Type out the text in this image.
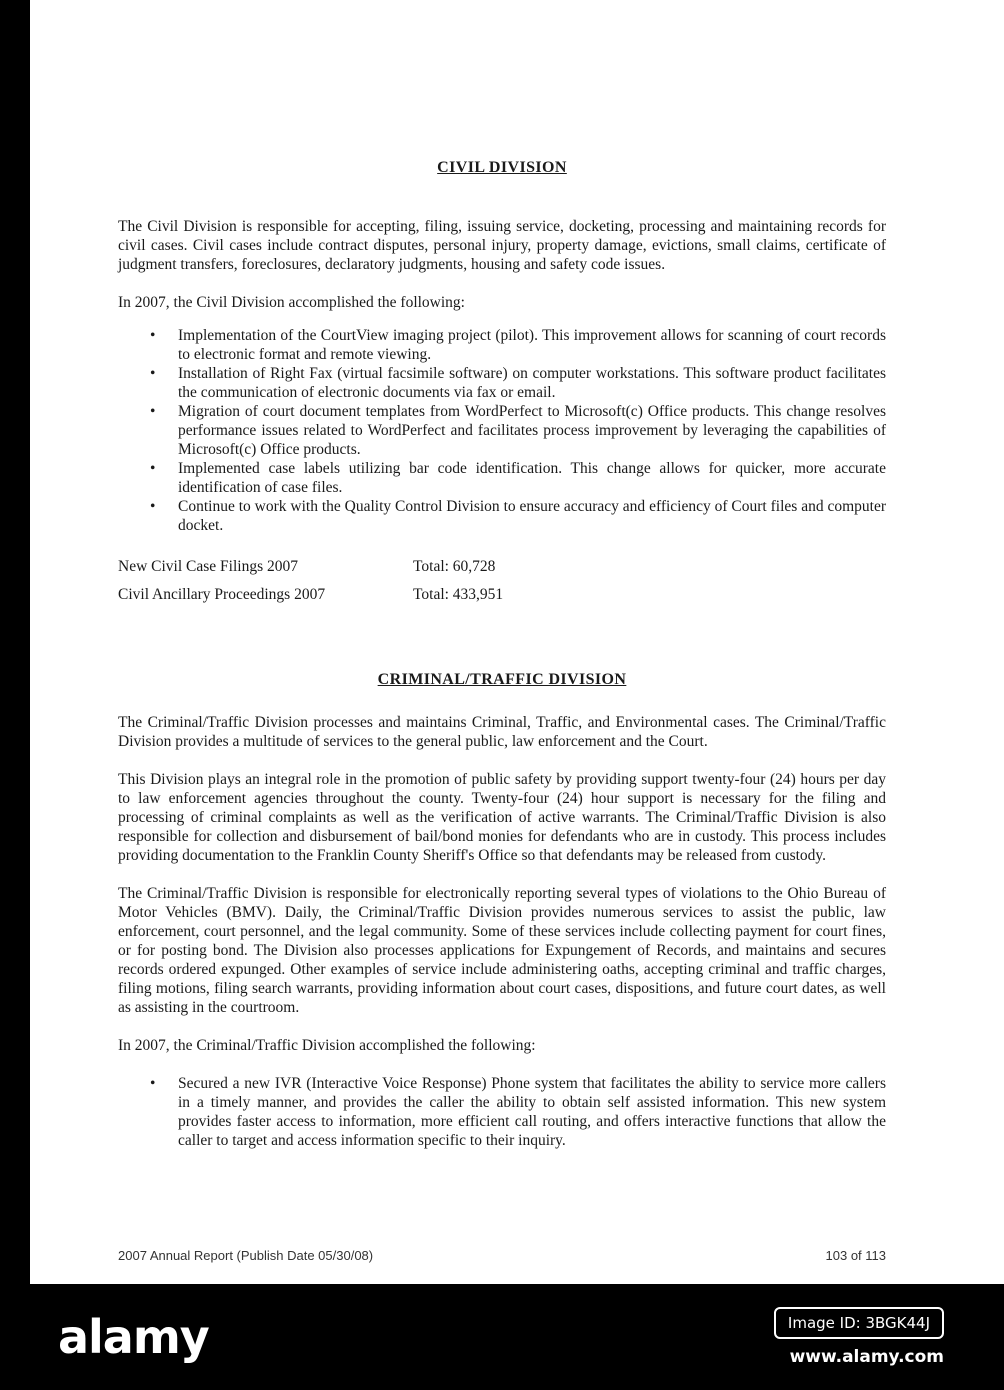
CIVIL DIVISION

The Civil Division is responsible for accepting, filing, issuing service, docketing, processing and maintaining records for civil cases. Civil cases include contract disputes, personal injury, property damage, evictions, small claims, certificate of judgment transfers, foreclosures, declaratory judgments, housing and safety code issues.

In 2007, the Civil Division accomplished the following:

•	Implementation of the CourtView imaging project (pilot). This improvement allows for scanning of court records to electronic format and remote viewing.
•	Installation of Right Fax (virtual facsimile software) on computer workstations. This software product facilitates the communication of electronic documents via fax or email.
•	Migration of court document templates from WordPerfect to Microsoft(c) Office products. This change resolves performance issues related to WordPerfect and facilitates process improvement by leveraging the capabilities of Microsoft(c) Office products.
•	Implemented case labels utilizing bar code identification. This change allows for quicker, more accurate identification of case files.
•	Continue to work with the Quality Control Division to ensure accuracy and efficiency of Court files and computer docket.
New Civil Case Filings 2007	Total: 60,728
Civil Ancillary Proceedings 2007	Total: 433,951
CRIMINAL/TRAFFIC DIVISION

The Criminal/Traffic Division processes and maintains Criminal, Traffic, and Environmental cases. The Criminal/Traffic Division provides a multitude of services to the general public, law enforcement and the Court.

This Division plays an integral role in the promotion of public safety by providing support twenty-four (24) hours per day to law enforcement agencies throughout the county. Twenty-four (24) hour support is necessary for the filing and processing of criminal complaints as well as the verification of active warrants. The Criminal/Traffic Division is also responsible for collection and disbursement of bail/bond monies for defendants who are in custody. This process includes providing documentation to the Franklin County Sheriff's Office so that defendants may be released from custody.

The Criminal/Traffic Division is responsible for electronically reporting several types of violations to the Ohio Bureau of Motor Vehicles (BMV). Daily, the Criminal/Traffic Division provides numerous services to assist the public, law enforcement, court personnel, and the legal community. Some of these services include collecting payment for court fines, or for posting bond. The Division also processes applications for Expungement of Records, and maintains and secures records ordered expunged. Other examples of service include administering oaths, accepting criminal and traffic charges, filing motions, filing search warrants, providing information about court cases, dispositions, and future court dates, as well as assisting in the courtroom.

In 2007, the Criminal/Traffic Division accomplished the following:

•	Secured a new IVR (Interactive Voice Response) Phone system that facilitates the ability to service more callers in a timely manner, and provides the caller the ability to obtain self assisted information. This new system provides faster access to information, more efficient call routing, and offers interactive functions that allow the caller to target and access information specific to their inquiry.
2007 Annual Report (Publish Date 05/30/08)	103 of 113
alamy	Image ID: 3BGK44J
www.alamy.com
